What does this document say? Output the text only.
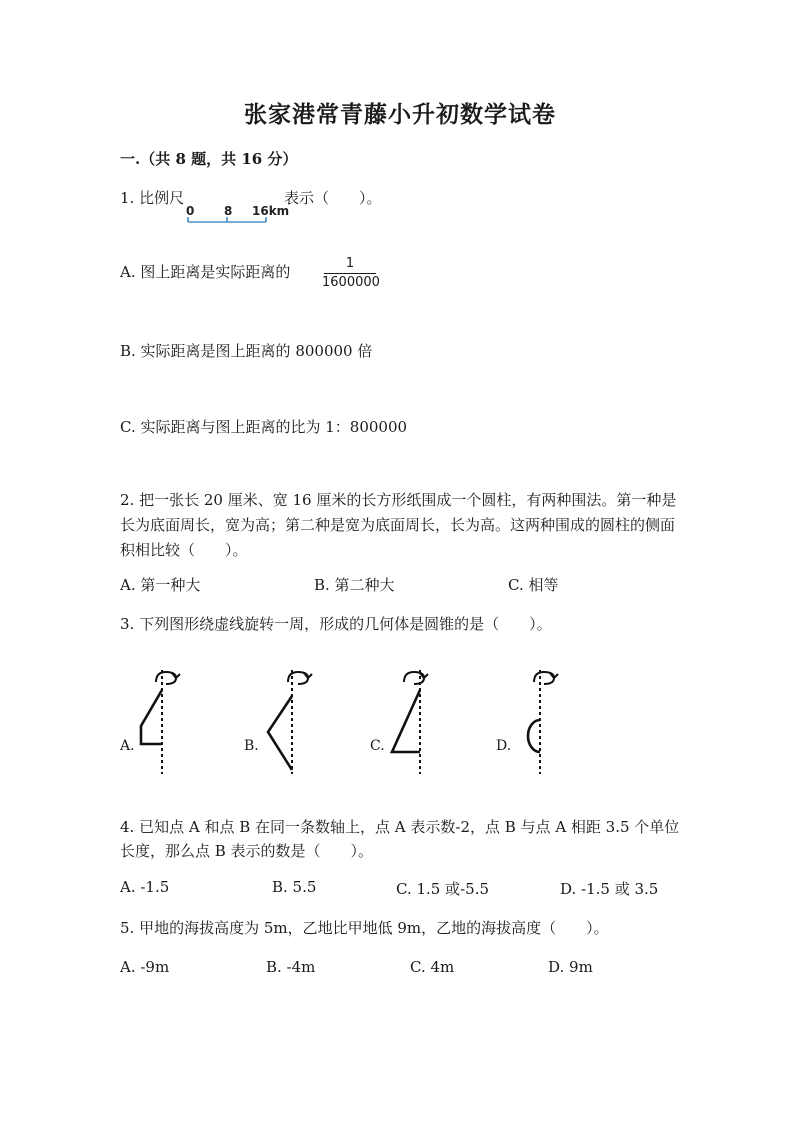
张家港常青藤小升初数学试卷
一.（共 8 题，共 16 分）
1. 比例尺
0 8 16km
表示（　　）。
A. 图上距离是实际距离的	1
1600000
B. 实际距离是图上距离的 800000 倍
C. 实际距离与图上距离的比为 1：800000
2. 把一张长 20 厘米、宽 16 厘米的长方形纸围成一个圆柱，有两种围法。第一种是长为底面周长，宽为高；第二种是宽为底面周长，长为高。这两种围成的圆柱的侧面积相比较（　　）。
A. 第一种大	B. 第二种大	C. 相等
3. 下列图形绕虚线旋转一周，形成的几何体是圆锥的是（　　）。
A.	B.	C.	D.
4. 已知点 A 和点 B 在同一条数轴上，点 A 表示数-2，点 B 与点 A 相距 3.5 个单位长度，那么点 B 表示的数是（　　）。
A. -1.5	B. 5.5	C. 1.5 或-5.5	D. -1.5 或 3.5
5. 甲地的海拔高度为 5m，乙地比甲地低 9m，乙地的海拔高度（　　）。
A. -9m	B. -4m	C. 4m	D. 9m
